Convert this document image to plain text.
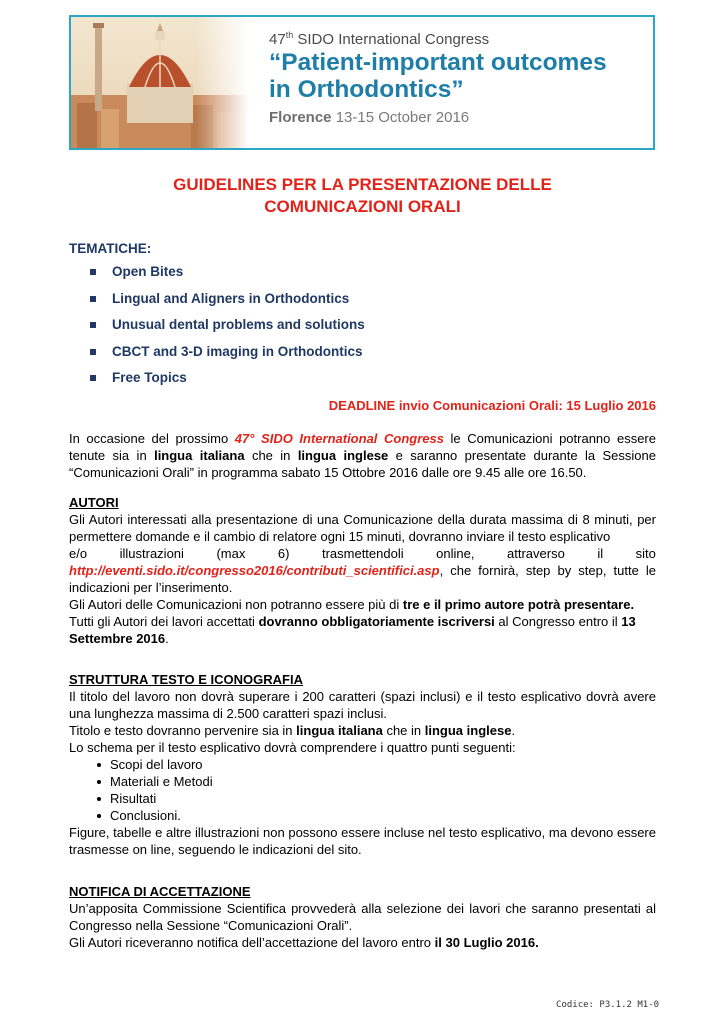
47th SIDO International Congress
“Patient-important outcomes
in Orthodontics”
Florence 13-15 October 2016
GUIDELINES PER LA PRESENTAZIONE DELLE
COMUNICAZIONI ORALI
TEMATICHE:
Open Bites
Lingual and Aligners in Orthodontics
Unusual dental problems and solutions
CBCT and 3-D imaging in Orthodontics
Free Topics
DEADLINE invio Comunicazioni Orali: 15 Luglio 2016
In occasione del prossimo 47° SIDO International Congress le Comunicazioni potranno essere tenute sia in lingua italiana che in lingua inglese e saranno presentate durante la Sessione “Comunicazioni Orali” in programma sabato 15 Ottobre 2016 dalle ore 9.45 alle ore 16.50.
AUTORI
Gli Autori interessati alla presentazione di una Comunicazione della durata massima di 8 minuti, per permettere domande e il cambio di relatore ogni 15 minuti, dovranno inviare il testo esplicativo
e/o	illustrazioni	(max	6)	trasmettendoli	online,	attraverso	il	sito
http://eventi.sido.it/congresso2016/contributi_scientifici.asp, che fornirà, step by step, tutte le indicazioni per l’inserimento.
Gli Autori delle Comunicazioni non potranno essere più di tre e il primo autore potrà presentare.
Tutti gli Autori dei lavori accettati dovranno obbligatoriamente iscriversi al Congresso entro il 13 Settembre 2016.
STRUTTURA TESTO E ICONOGRAFIA
Il titolo del lavoro non dovrà superare i 200 caratteri (spazi inclusi) e il testo esplicativo dovrà avere una lunghezza massima di 2.500 caratteri spazi inclusi.
Titolo e testo dovranno pervenire sia in lingua italiana che in lingua inglese.
Lo schema per il testo esplicativo dovrà comprendere i quattro punti seguenti:
Scopi del lavoro
Materiali e Metodi
Risultati
Conclusioni.
Figure, tabelle e altre illustrazioni non possono essere incluse nel testo esplicativo, ma devono essere trasmesse on line, seguendo le indicazioni del sito.
NOTIFICA DI ACCETTAZIONE
Un’apposita Commissione Scientifica provvederà alla selezione dei lavori che saranno presentati al Congresso nella Sessione “Comunicazioni Orali”.
Gli Autori riceveranno notifica dell’accettazione del lavoro entro il 30 Luglio 2016.
Codice: P3.1.2 M1-0
